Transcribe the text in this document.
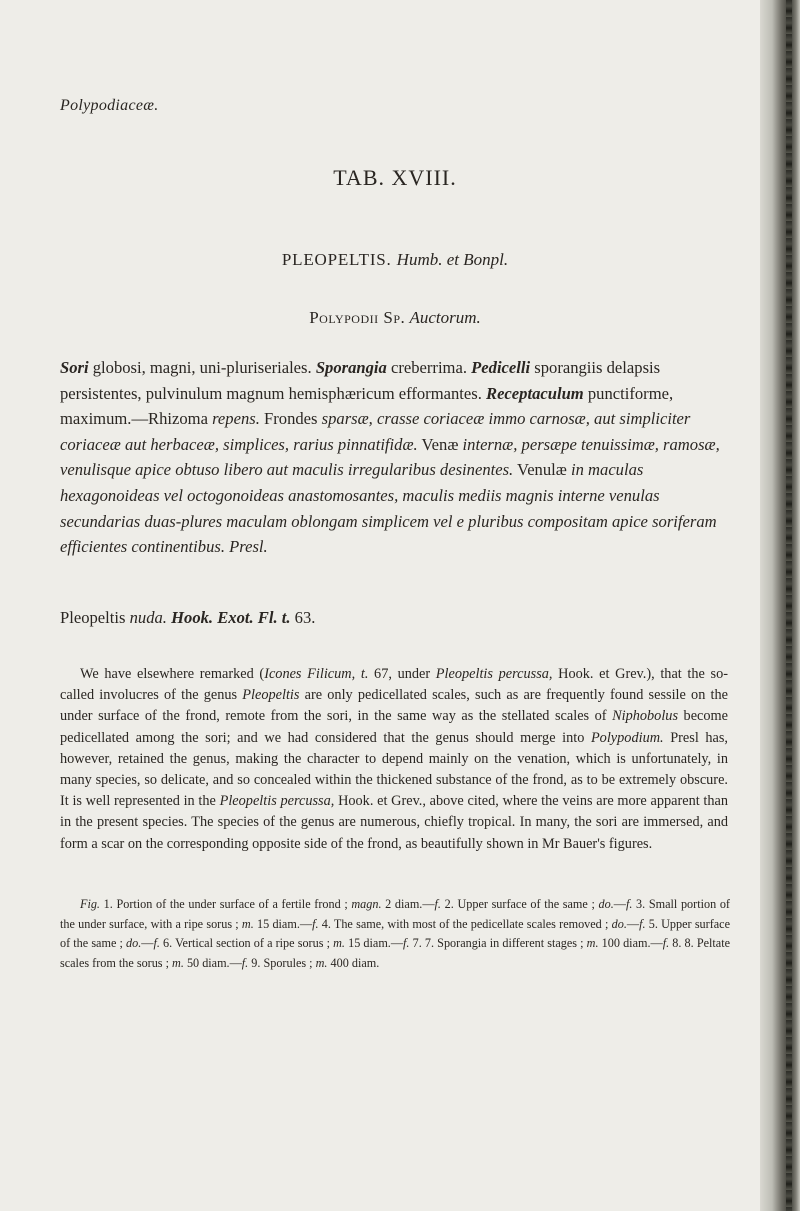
Polypodiaceæ.
TAB. XVIII.
PLEOPELTIS. Humb. et Bonpl.
Polypodii Sp. Auctorum.

Sori globosi, magni, uni-pluriseriales. Sporangia creberrima. Pedicelli sporangiis delapsis persistentes, pulvinulum magnum hemisphæricum efformantes. Receptaculum punctiforme, maximum.—Rhizoma repens. Frondes sparsæ, crasse coriaceæ immo carnosæ, aut simpliciter coriaceæ aut herbaceæ, simplices, rarius pinnatifidæ. Venæ internæ, persæpe tenuissimæ, ramosæ, venulisque apice obtuso libero aut maculis irregularibus desinentes. Venulæ in maculas hexagonoideas vel octogonoideas anastomosantes, maculis mediis magnis interne venulas secundarias duas-plures maculam oblongam simplicem vel e pluribus compositam apice soriferam efficientes continentibus. Presl.

Pleopeltis nuda. Hook. Exot. Fl. t. 63.

We have elsewhere remarked (Icones Filicum, t. 67, under Pleopeltis percussa, Hook. et Grev.), that the so-called involucres of the genus Pleopeltis are only pedicellated scales, such as are frequently found sessile on the under surface of the frond, remote from the sori, in the same way as the stellated scales of Niphobolus become pedicellated among the sori; and we had considered that the genus should merge into Polypodium. Presl has, however, retained the genus, making the character to depend mainly on the venation, which is unfortunately, in many species, so delicate, and so concealed within the thickened substance of the frond, as to be extremely obscure. It is well represented in the Pleopeltis percussa, Hook. et Grev., above cited, where the veins are more apparent than in the present species. The species of the genus are numerous, chiefly tropical. In many, the sori are immersed, and form a scar on the corresponding opposite side of the frond, as beautifully shown in Mr Bauer's figures.

Fig. 1. Portion of the under surface of a fertile frond ; magn. 2 diam.—f. 2. Upper surface of the same ; do.—f. 3. Small portion of the under surface, with a ripe sorus ; m. 15 diam.—f. 4. The same, with most of the pedicellate scales removed ; do.—f. 5. Upper surface of the same ; do.—f. 6. Vertical section of a ripe sorus ; m. 15 diam.—f. 7. 7. Sporangia in different stages ; m. 100 diam.—f. 8. 8. Peltate scales from the sorus ; m. 50 diam.—f. 9. Sporules ; m. 400 diam.
